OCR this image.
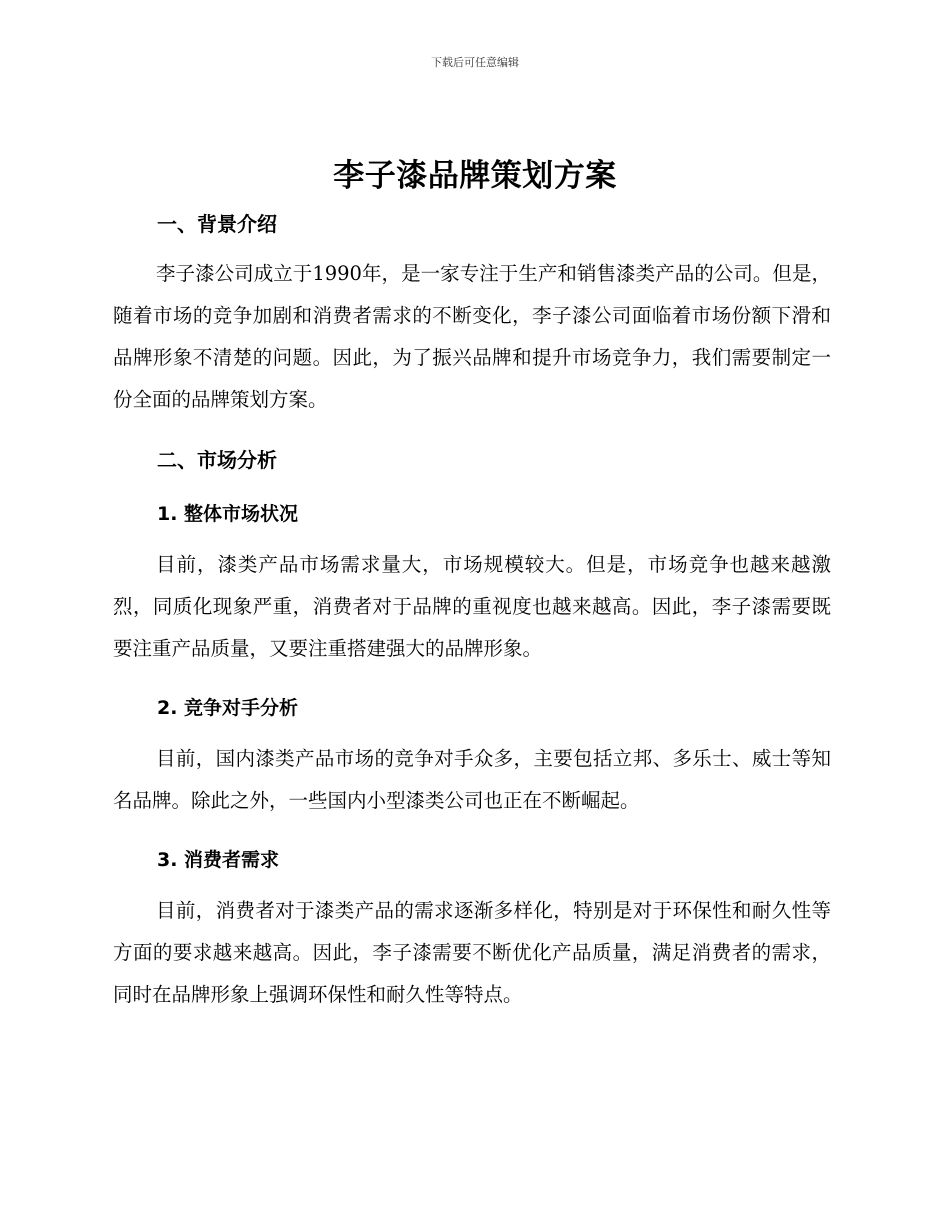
下载后可任意编辑
李子漆品牌策划方案
一、背景介绍

李子漆公司成立于1990年，是一家专注于生产和销售漆类产品的公司。但是，随着市场的竞争加剧和消费者需求的不断变化，李子漆公司面临着市场份额下滑和品牌形象不清楚的问题。因此，为了振兴品牌和提升市场竞争力，我们需要制定一份全面的品牌策划方案。

二、市场分析
1. 整体市场状况

目前，漆类产品市场需求量大，市场规模较大。但是，市场竞争也越来越激烈，同质化现象严重，消费者对于品牌的重视度也越来越高。因此，李子漆需要既要注重产品质量，又要注重搭建强大的品牌形象。

2. 竞争对手分析

目前，国内漆类产品市场的竞争对手众多，主要包括立邦、多乐士、威士等知名品牌。除此之外，一些国内小型漆类公司也正在不断崛起。

3. 消费者需求

目前，消费者对于漆类产品的需求逐渐多样化，特别是对于环保性和耐久性等方面的要求越来越高。因此，李子漆需要不断优化产品质量，满足消费者的需求，同时在品牌形象上强调环保性和耐久性等特点。
